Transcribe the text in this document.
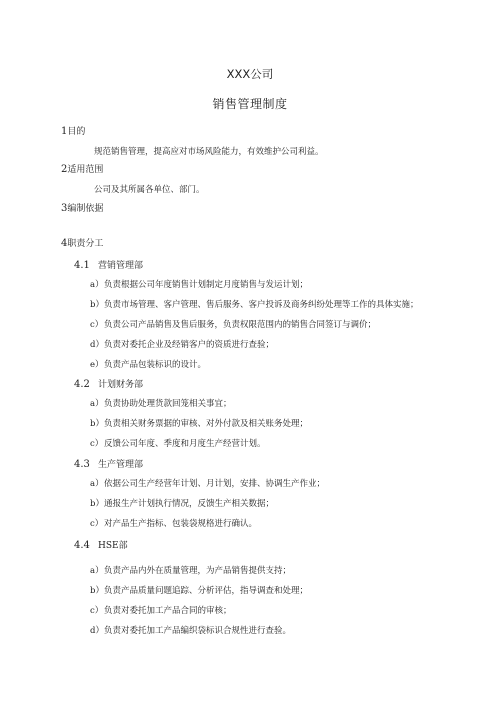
XXX公司
销售管理制度
1目的
规范销售管理，提高应对市场风险能力，有效维护公司利益。
2适用范围
公司及其所属各单位、部门。
3编制依据
4职责分工
4.1 营销管理部
a）负责根据公司年度销售计划制定月度销售与发运计划；
b）负责市场管理、客户管理、售后服务、客户投诉及商务纠纷处理等工作的具体实施；
c）负责公司产品销售及售后服务，负责权限范围内的销售合同签订与调价；
d）负责对委托企业及经销客户的资质进行查验；
e）负责产品包装标识的设计。
4.2 计划财务部
a）负责协助处理货款回笼相关事宜；
b）负责相关财务票据的审核、对外付款及相关账务处理；
c）反馈公司年度、季度和月度生产经营计划。
4.3 生产管理部
a）依据公司生产经营年计划、月计划，安排、协调生产作业；
b）通报生产计划执行情况，反馈生产相关数据；
c）对产品生产指标、包装袋规格进行确认。
4.4 HSE部
a）负责产品内外在质量管理，为产品销售提供支持；
b）负责产品质量问题追踪、分析评估，指导调查和处理；
c）负责对委托加工产品合同的审核；
d）负责对委托加工产品编织袋标识合规性进行查验。
